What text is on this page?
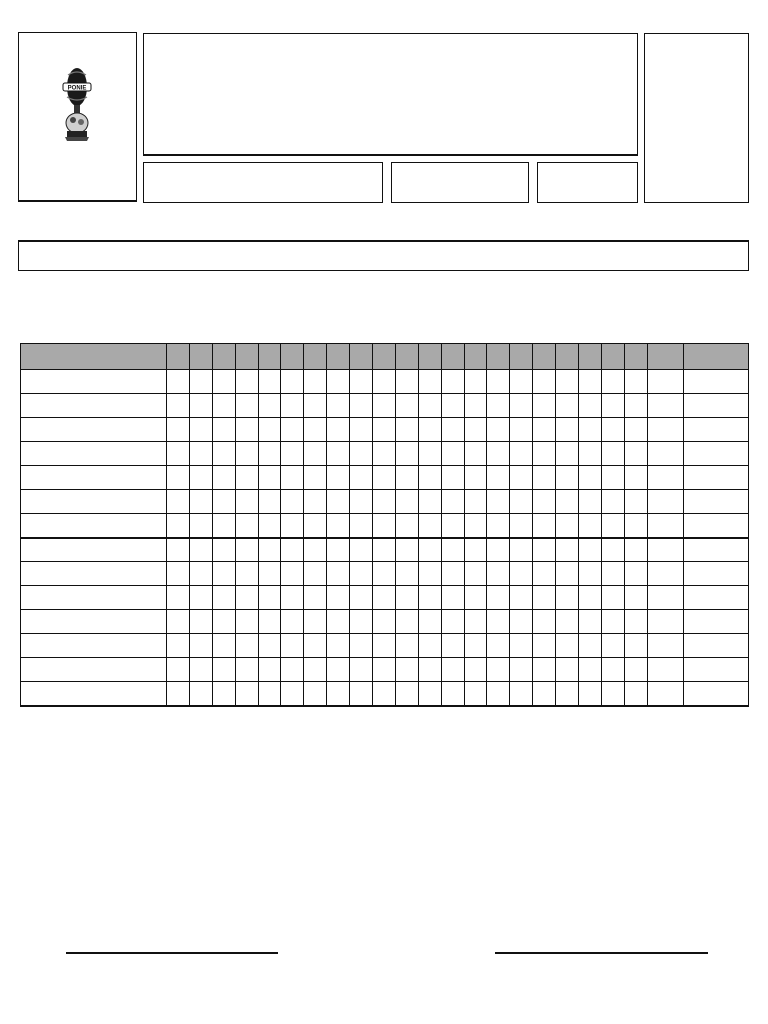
PONIE
